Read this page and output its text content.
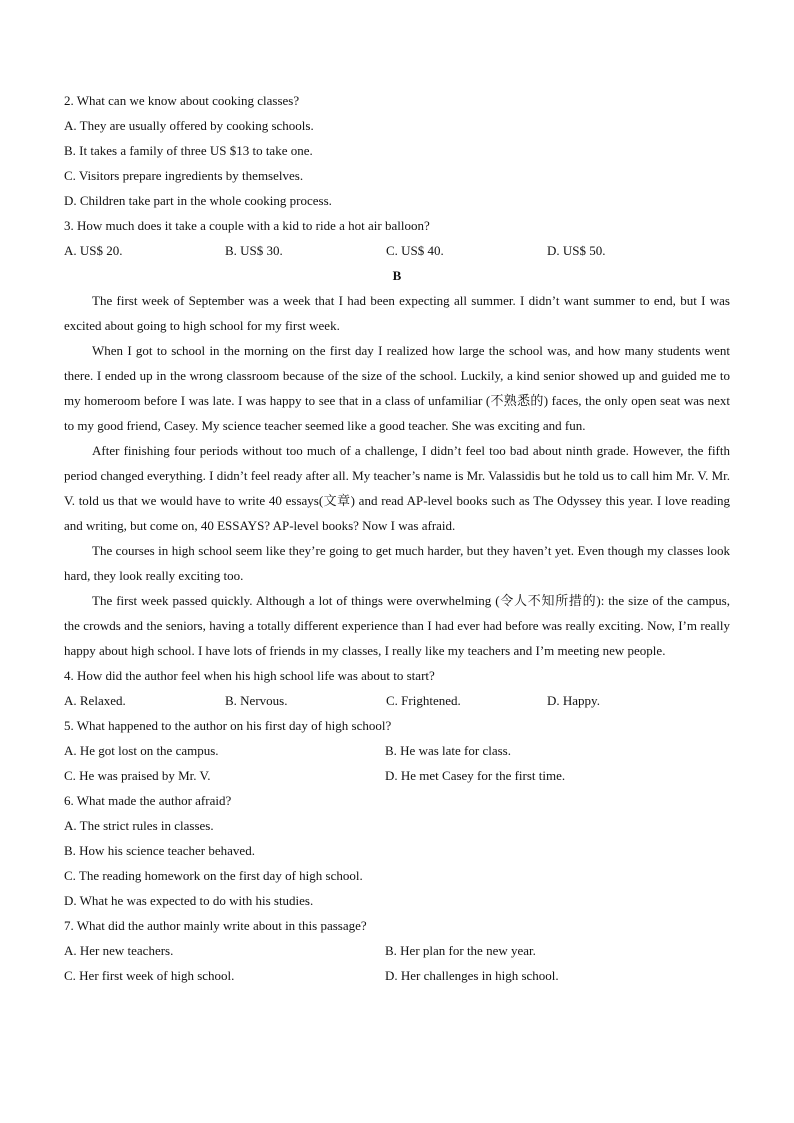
2. What can we know about cooking classes?
A. They are usually offered by cooking schools.
B. It takes a family of three US $13 to take one.
C. Visitors prepare ingredients by themselves.
D. Children take part in the whole cooking process.
3. How much does it take a couple with a kid to ride a hot air balloon?
A. US$ 20.	B. US$ 30.	C. US$ 40.	D. US$ 50.
B

The first week of September was a week that I had been expecting all summer. I didn’t want summer to end, but I was excited about going to high school for my first week.

When I got to school in the morning on the first day I realized how large the school was, and how many students went there. I ended up in the wrong classroom because of the size of the school. Luckily, a kind senior showed up and guided me to my homeroom before I was late. I was happy to see that in a class of unfamiliar (不熟悉的) faces, the only open seat was next to my good friend, Casey. My science teacher seemed like a good teacher. She was exciting and fun.

After finishing four periods without too much of a challenge, I didn’t feel too bad about ninth grade. However, the fifth period changed everything. I didn’t feel ready after all. My teacher’s name is Mr. Valassidis but he told us to call him Mr. V. Mr. V. told us that we would have to write 40 essays(文章) and read AP-level books such as The Odyssey this year. I love reading and writing, but come on, 40 ESSAYS? AP-level books? Now I was afraid.

The courses in high school seem like they’re going to get much harder, but they haven’t yet. Even though my classes look hard, they look really exciting too.

The first week passed quickly. Although a lot of things were overwhelming (令人不知所措的): the size of the campus, the crowds and the seniors, having a totally different experience than I had ever had before was really exciting. Now, I’m really happy about high school. I have lots of friends in my classes, I really like my teachers and I’m meeting new people.

4. How did the author feel when his high school life was about to start?
A. Relaxed.	B. Nervous.	C. Frightened.	D. Happy.
5. What happened to the author on his first day of high school?
A. He got lost on the campus.	B. He was late for class.
C. He was praised by Mr. V.	D. He met Casey for the first time.
6. What made the author afraid?
A. The strict rules in classes.
B. How his science teacher behaved.
C. The reading homework on the first day of high school.
D. What he was expected to do with his studies.
7. What did the author mainly write about in this passage?
A. Her new teachers.	B. Her plan for the new year.
C. Her first week of high school.	D. Her challenges in high school.
